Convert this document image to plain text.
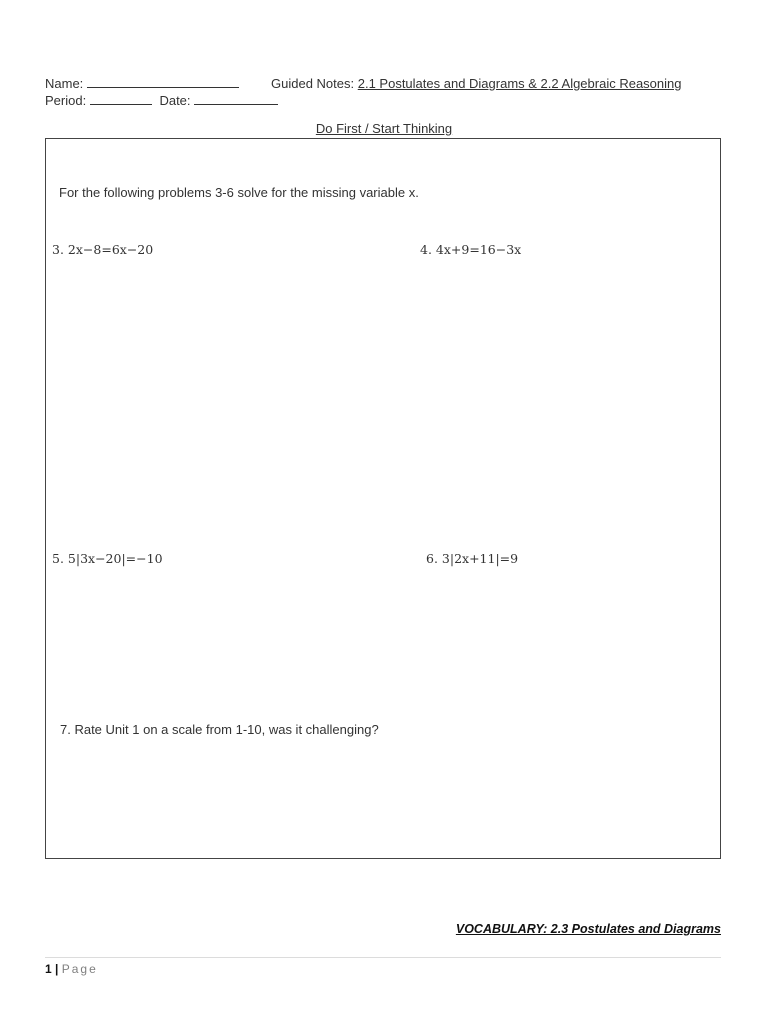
Name:	Guided Notes: 2.1 Postulates and Diagrams & 2.2 Algebraic Reasoning
Period:	Date:
Do First / Start Thinking
For the following problems 3-6 solve for the missing variable x.
3. 2x−8=6x−20	4. 4x+9=16−3x
5. 5|3x−20|=−10	6. 3|2x+11|=9
7. Rate Unit 1 on a scale from 1-10, was it challenging?
VOCABULARY: 2.3 Postulates and Diagrams
1 | Page
